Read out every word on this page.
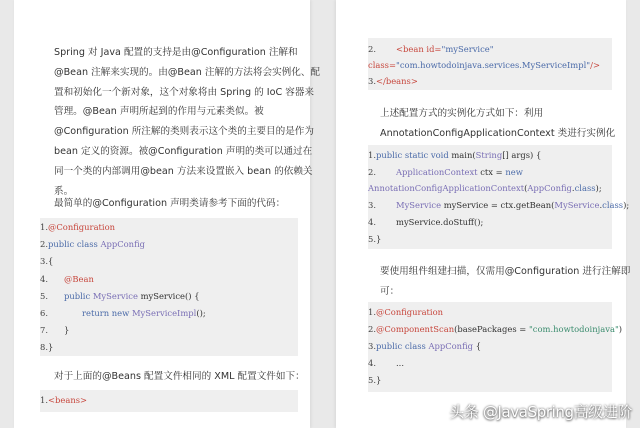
Spring 对 Java 配置的支持是由@Configuration 注解和
@Bean 注解来实现的。由@Bean 注解的方法将会实例化、配
置和初始化一个新对象，这个对象将由 Spring 的 IoC 容器来
管理。@Bean 声明所起到的作用与元素类似。被
@Configuration 所注解的类则表示这个类的主要目的是作为
bean 定义的资源。被@Configuration 声明的类可以通过在
同一个类的内部调用@bean 方法来设置嵌入 bean 的依赖关
系。
最简单的@Configuration 声明类请参考下面的代码：
1.@Configuration
2.public class AppConfig
3.{
4. @Bean
5. public MyService myService() {
6.	return new MyServiceImpl();
7. }
8.}
对于上面的@Beans 配置文件相同的 XML 配置文件如下：
1.<beans>
2. <bean id="myService"
class="com.howtodoinjava.services.MyServiceImpl"/>
3.</beans>
上述配置方式的实例化方式如下：利用
AnnotationConfigApplicationContext 类进行实例化
1.public static void main(String[] args) {
2. ApplicationContext ctx = new
AnnotationConfigApplicationContext(AppConfig.class);
3. MyService myService = ctx.getBean(MyService.class);
4. myService.doStuff();
5.}
要使用组件组建扫描，仅需用@Configuration 进行注解即
可：
1.@Configuration
2.@ComponentScan(basePackages = "com.howtodoinjava")
3.public class AppConfig {
4. ...
5.}
头条 @JavaSpring高级进阶
